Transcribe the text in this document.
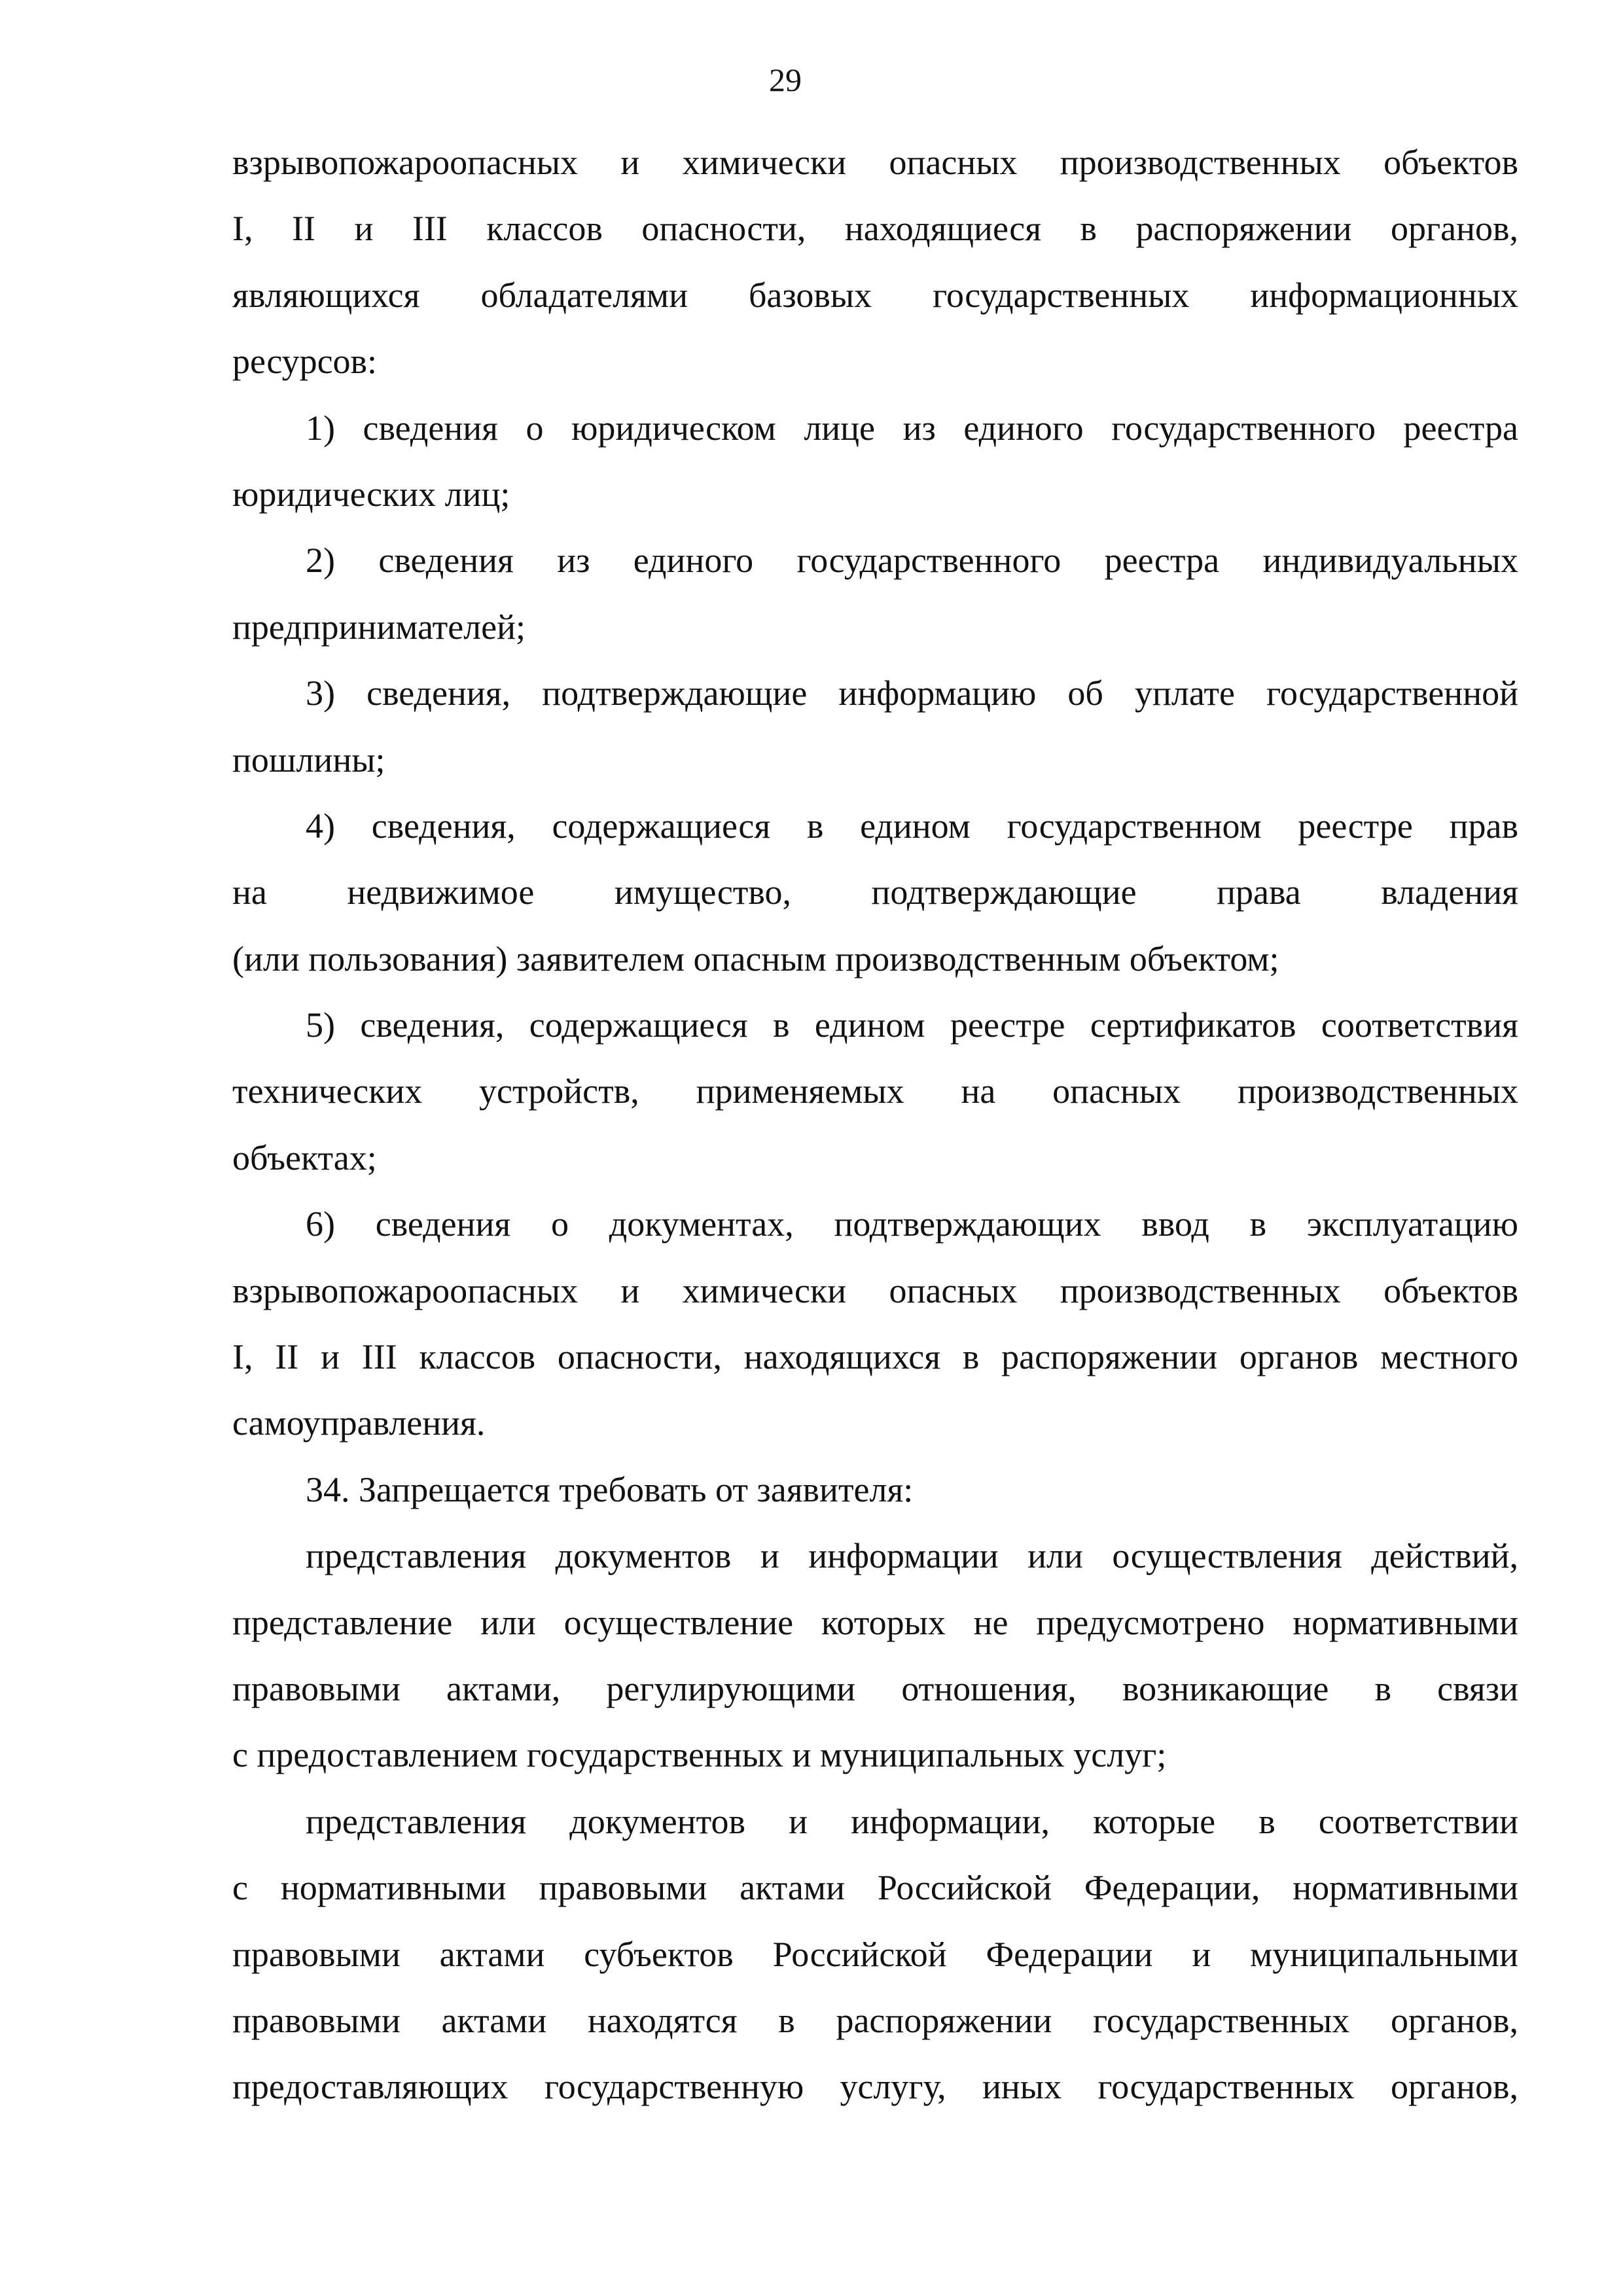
29
взрывопожароопасных и химически опасных производственных объектов
I, II и III классов опасности, находящиеся в распоряжении органов,
являющихся обладателями базовых государственных информационных
ресурсов:
1) сведения о юридическом лице из единого государственного реестра
юридических лиц;
2) сведения из единого государственного реестра индивидуальных
предпринимателей;
3) сведения, подтверждающие информацию об уплате государственной
пошлины;
4) сведения, содержащиеся в едином государственном реестре прав
на недвижимое имущество, подтверждающие права владения
(или пользования) заявителем опасным производственным объектом;
5) сведения, содержащиеся в едином реестре сертификатов соответствия
технических устройств, применяемых на опасных производственных
объектах;
6) сведения о документах, подтверждающих ввод в эксплуатацию
взрывопожароопасных и химически опасных производственных объектов
I, II и III классов опасности, находящихся в распоряжении органов местного
самоуправления.
34. Запрещается требовать от заявителя:
представления документов и информации или осуществления действий,
представление или осуществление которых не предусмотрено нормативными
правовыми актами, регулирующими отношения, возникающие в связи
с предоставлением государственных и муниципальных услуг;
представления документов и информации, которые в соответствии
с нормативными правовыми актами Российской Федерации, нормативными
правовыми актами субъектов Российской Федерации и муниципальными
правовыми актами находятся в распоряжении государственных органов,
предоставляющих государственную услугу, иных государственных органов,
